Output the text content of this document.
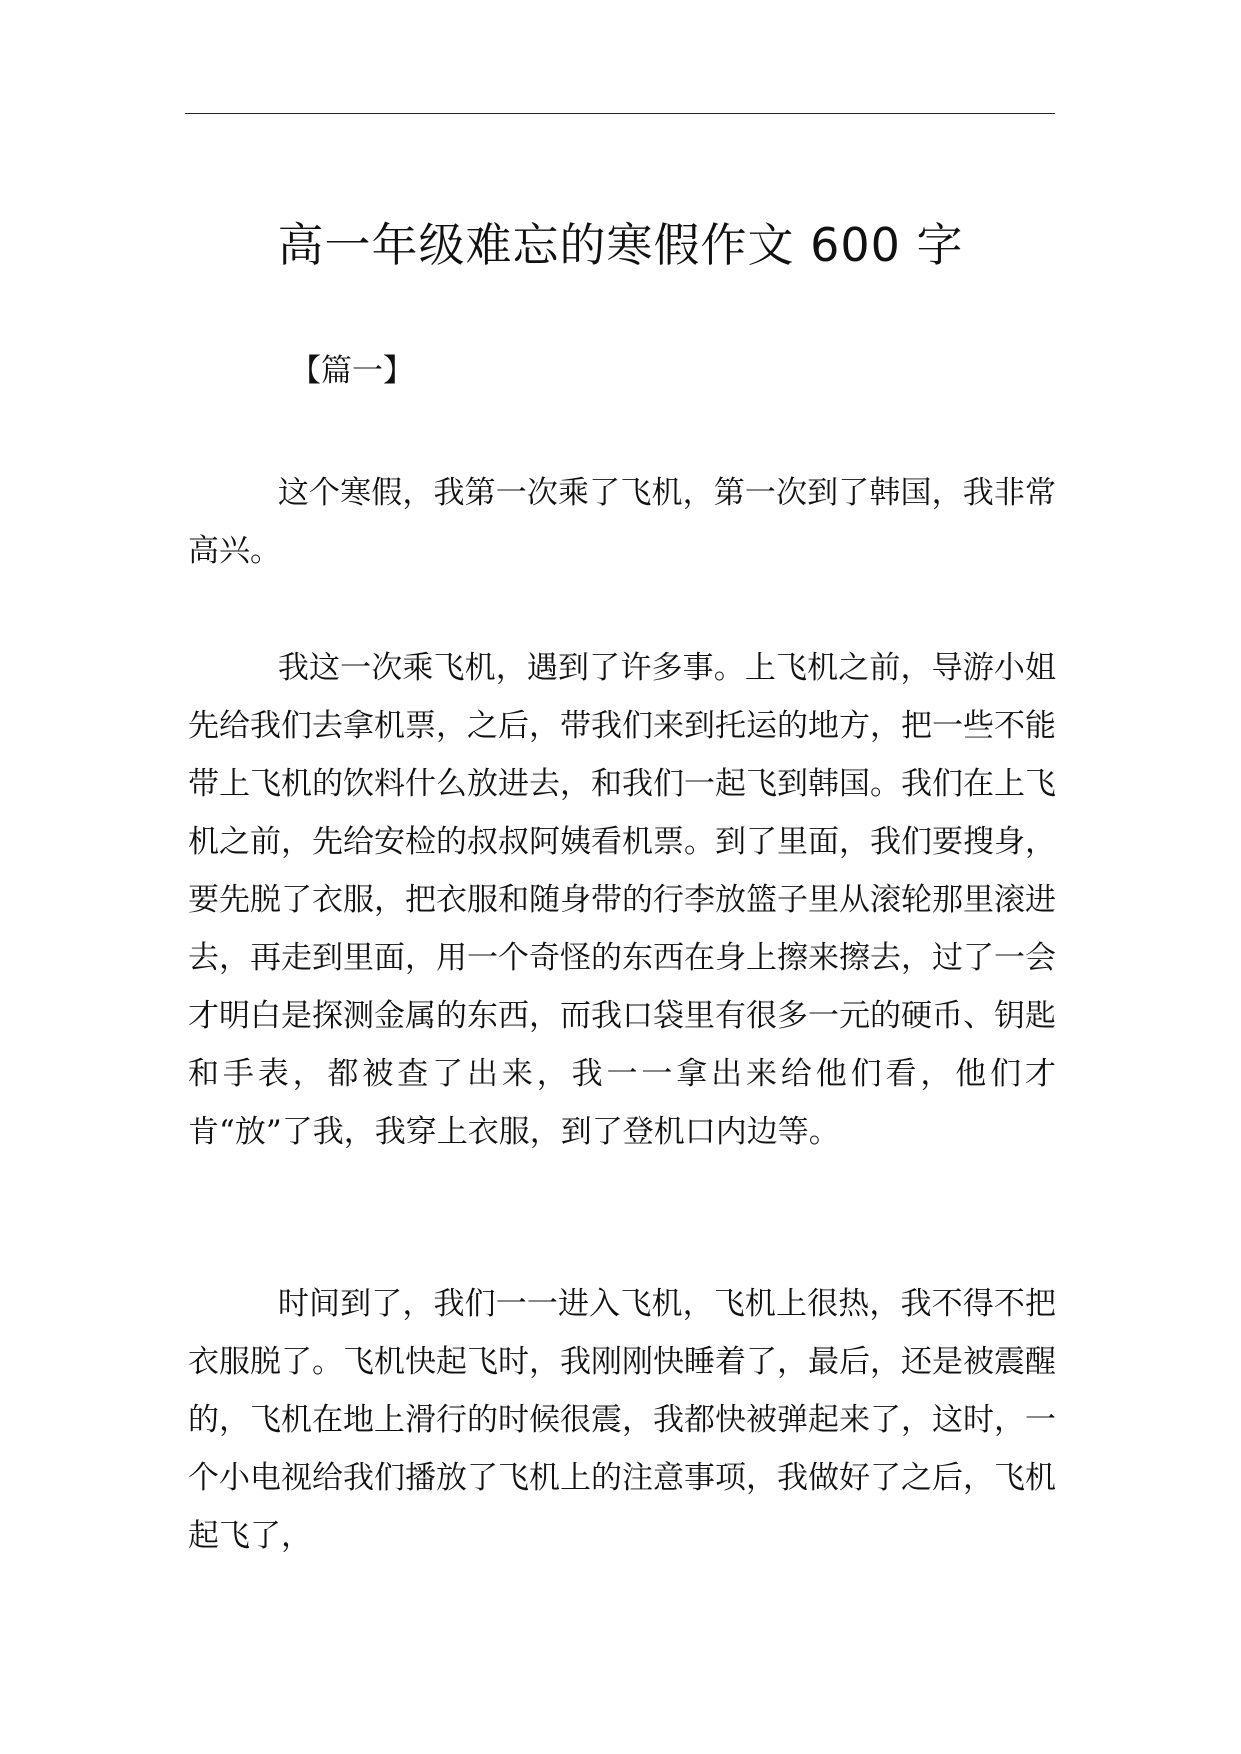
高一年级难忘的寒假作文 600 字

【篇一】

这个寒假，我第一次乘了飞机，第一次到了韩国，我非常高兴。

我这一次乘飞机，遇到了许多事。上飞机之前，导游小姐先给我们去拿机票，之后，带我们来到托运的地方，把一些不能带上飞机的饮料什么放进去，和我们一起飞到韩国。我们在上飞机之前，先给安检的叔叔阿姨看机票。到了里面，我们要搜身，要先脱了衣服，把衣服和随身带的行李放篮子里从滚轮那里滚进去，再走到里面，用一个奇怪的东西在身上擦来擦去，过了一会才明白是探测金属的东西，而我口袋里有很多一元的硬币、钥匙和手表，都被查了出来，我一一拿出来给他们看，他们才肯“放”了我，我穿上衣服，到了登机口内边等。

时间到了，我们一一进入飞机，飞机上很热，我不得不把衣服脱了。飞机快起飞时，我刚刚快睡着了，最后，还是被震醒的，飞机在地上滑行的时候很震，我都快被弹起来了，这时，一个小电视给我们播放了飞机上的注意事项，我做好了之后，飞机起飞了，
